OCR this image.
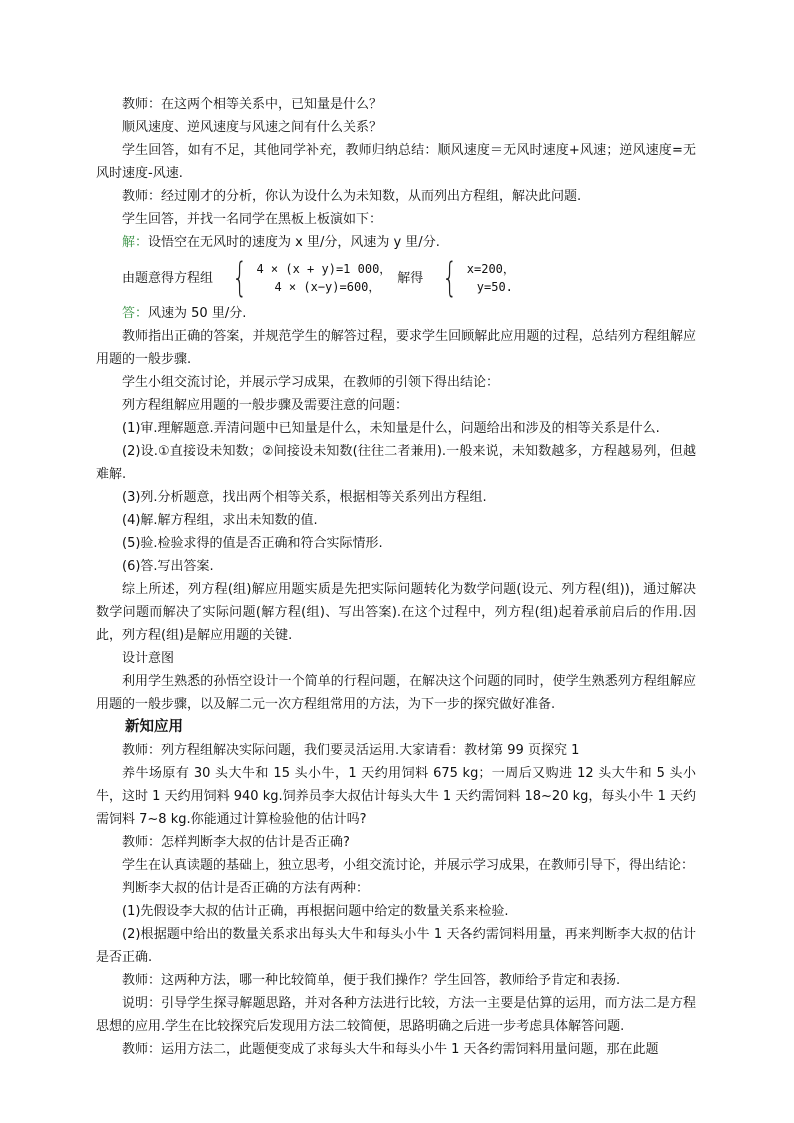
教师：在这两个相等关系中，已知量是什么？

顺风速度、逆风速度与风速之间有什么关系？

学生回答，如有不足，其他同学补充，教师归纳总结：顺风速度＝无风时速度+风速；逆风速度=无风时速度-风速.

教师：经过刚才的分析，你认为设什么为未知数，从而列出方程组，解决此问题.

学生回答，并找一名同学在黑板上板演如下：

解：设悟空在无风时的速度为 x 里/分，风速为 y 里/分.

由题意得方程组 { 4 × (x + y)=1 000，
4 × (x−y)=600，
解得 { x=200，
y=50.

答：风速为 50 里/分.

教师指出正确的答案，并规范学生的解答过程，要求学生回顾解此应用题的过程，总结列方程组解应用题的一般步骤.

学生小组交流讨论，并展示学习成果，在教师的引领下得出结论：

列方程组解应用题的一般步骤及需要注意的问题：

(1)审.理解题意.弄清问题中已知量是什么，未知量是什么，问题给出和涉及的相等关系是什么.

(2)设.①直接设未知数；②间接设未知数(往往二者兼用).一般来说，未知数越多，方程越易列，但越难解.

(3)列.分析题意，找出两个相等关系，根据相等关系列出方程组.

(4)解.解方程组，求出未知数的值.

(5)验.检验求得的值是否正确和符合实际情形.

(6)答.写出答案.

综上所述，列方程(组)解应用题实质是先把实际问题转化为数学问题(设元、列方程(组))，通过解决数学问题而解决了实际问题(解方程(组)、写出答案).在这个过程中，列方程(组)起着承前启后的作用.因此，列方程(组)是解应用题的关键.

设计意图

利用学生熟悉的孙悟空设计一个简单的行程问题，在解决这个问题的同时，使学生熟悉列方程组解应用题的一般步骤，以及解二元一次方程组常用的方法，为下一步的探究做好准备.

新知应用

教师：列方程组解决实际问题，我们要灵活运用.大家请看：教材第 99 页探究 1

养牛场原有 30 头大牛和 15 头小牛，1 天约用饲料 675 kg；一周后又购进 12 头大牛和 5 头小牛，这时 1 天约用饲料 940 kg.饲养员李大叔估计每头大牛 1 天约需饲料 18~20 kg，每头小牛 1 天约需饲料 7~8 kg.你能通过计算检验他的估计吗?

教师：怎样判断李大叔的估计是否正确?

学生在认真读题的基础上，独立思考，小组交流讨论，并展示学习成果，在教师引导下，得出结论：

判断李大叔的估计是否正确的方法有两种：

(1)先假设李大叔的估计正确，再根据问题中给定的数量关系来检验.

(2)根据题中给出的数量关系求出每头大牛和每头小牛 1 天各约需饲料用量，再来判断李大叔的估计是否正确.

教师：这两种方法，哪一种比较简单，便于我们操作？学生回答，教师给予肯定和表扬.

说明：引导学生探寻解题思路，并对各种方法进行比较，方法一主要是估算的运用，而方法二是方程思想的应用.学生在比较探究后发现用方法二较简便，思路明确之后进一步考虑具体解答问题.

教师：运用方法二，此题便变成了求每头大牛和每头小牛 1 天各约需饲料用量问题，那在此题
